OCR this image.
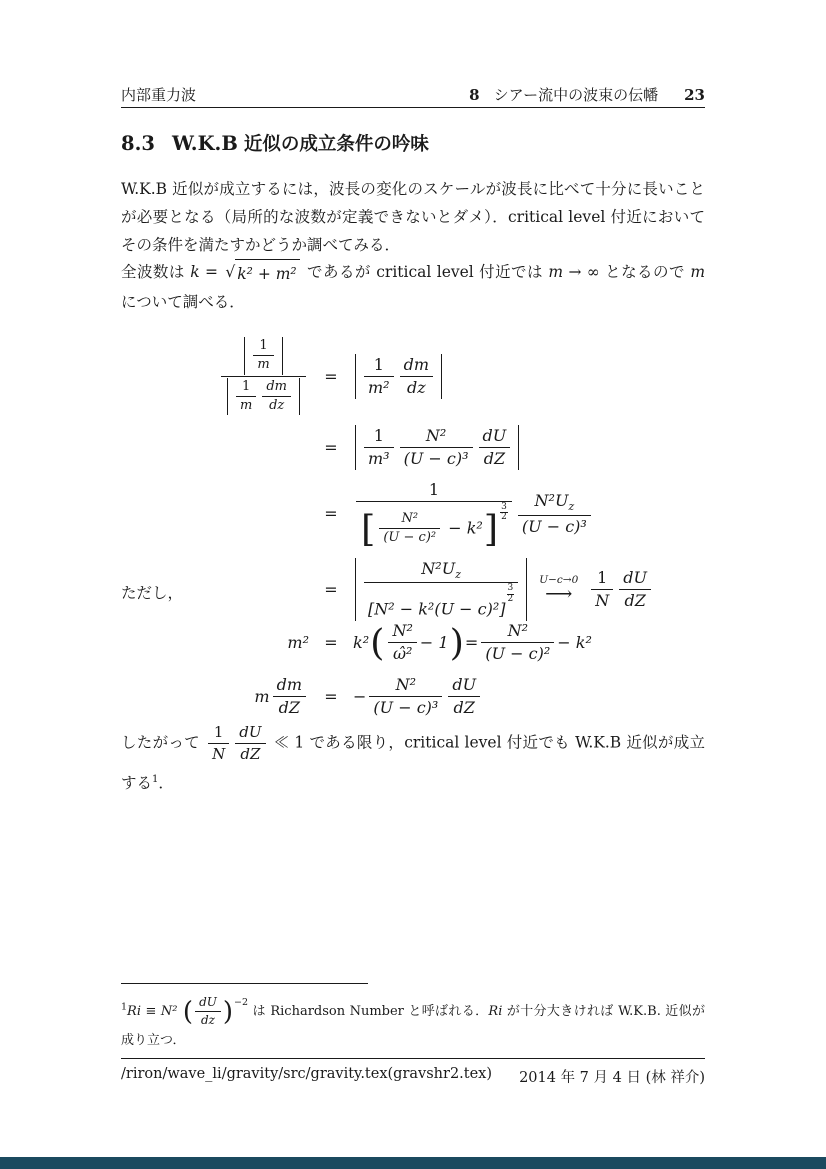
内部重力波	8 シアー流中の波束の伝幡 23
8.3 W.K.B 近似の成立条件の吟味

W.K.B 近似が成立するには，波長の変化のスケールが波長に比べて十分に長いことが必要となる（局所的な波数が定義できないとダメ）．critical level 付近においてその条件を満たすかどうか調べてみる．

全波数は k = √ k² + m² であるが critical level 付近では m → ∞ となるので m について調べる．

$\frac{\frac{1}{m}}{\frac{1}{m} \frac{dm}{dz}}$	=	$\frac{1}{\text{m²}} \frac{dm}{dz}$
=	$\frac{1}{\text{m³}} \frac{\text{N²}}{\text{(U − c)³}} \frac{dU}{dZ}$
=	$\frac{1}{[ \frac{\text{N²}}{\text{(U − c)²}} - k^2] \frac{3}{2}} \frac{N^2U_z}{\text{(U − c)³}}$
=	$N^2U_z$
[N² − k²(U − c)²]
$\frac{3}{2} U-c\to 0$
⟶ $\frac{1}{N} \frac{dU}{dZ}$

ただし，

m² = k² ( $\frac{\text{N²}}{\text{ω̂²}} - 1$ ) = $\frac{\text{N²}}{\text{(U − c)²}} - k^2$
m $\frac{dm}{dZ}$	= − $\frac{\text{N²}}{\text{(U − c)³}} \frac{dU}{dZ}$

したがって $\frac{1}{N} \frac{dU}{dZ}$ ≪ 1 である限り，critical level 付近でも W.K.B 近似が成立する$^1$．

$^1$Ri ≡ N² ( $\frac{dU}{dz} )^{-2}$ は Richardson Number と呼ばれる．Ri が十分大きければ W.K.B. 近似が成り立つ．

/riron/wave_li/gravity/src/gravity.tex(gravshr2.tex) 2014 年 7 月 4 日 (林 祥介)
